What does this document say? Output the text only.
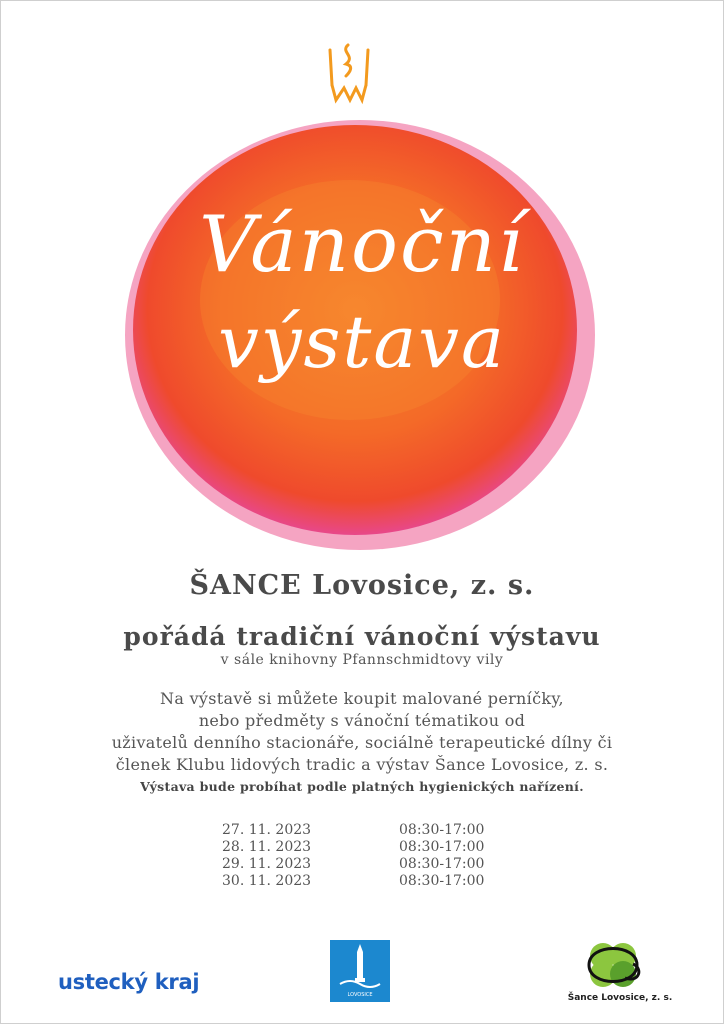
Vánoční
výstava
ŠANCE Lovosice, z. s.
pořádá tradiční vánoční výstavu
v sále knihovny Pfannschmidtovy vily
Na výstavě si můžete koupit malované perníčky,
nebo předměty s vánoční tématikou od
uživatelů denního stacionáře, sociálně terapeutické dílny či
členek Klubu lidových tradic a výstav Šance Lovosice, z. s.
Výstava bude probíhat podle platných hygienických nařízení.
27. 11. 2023	08:30-17:00
28. 11. 2023	08:30-17:00
29. 11. 2023	08:30-17:00
30. 11. 2023	08:30-17:00
ustecký kraj
LOVOSICE	Šance Lovosice, z. s.
